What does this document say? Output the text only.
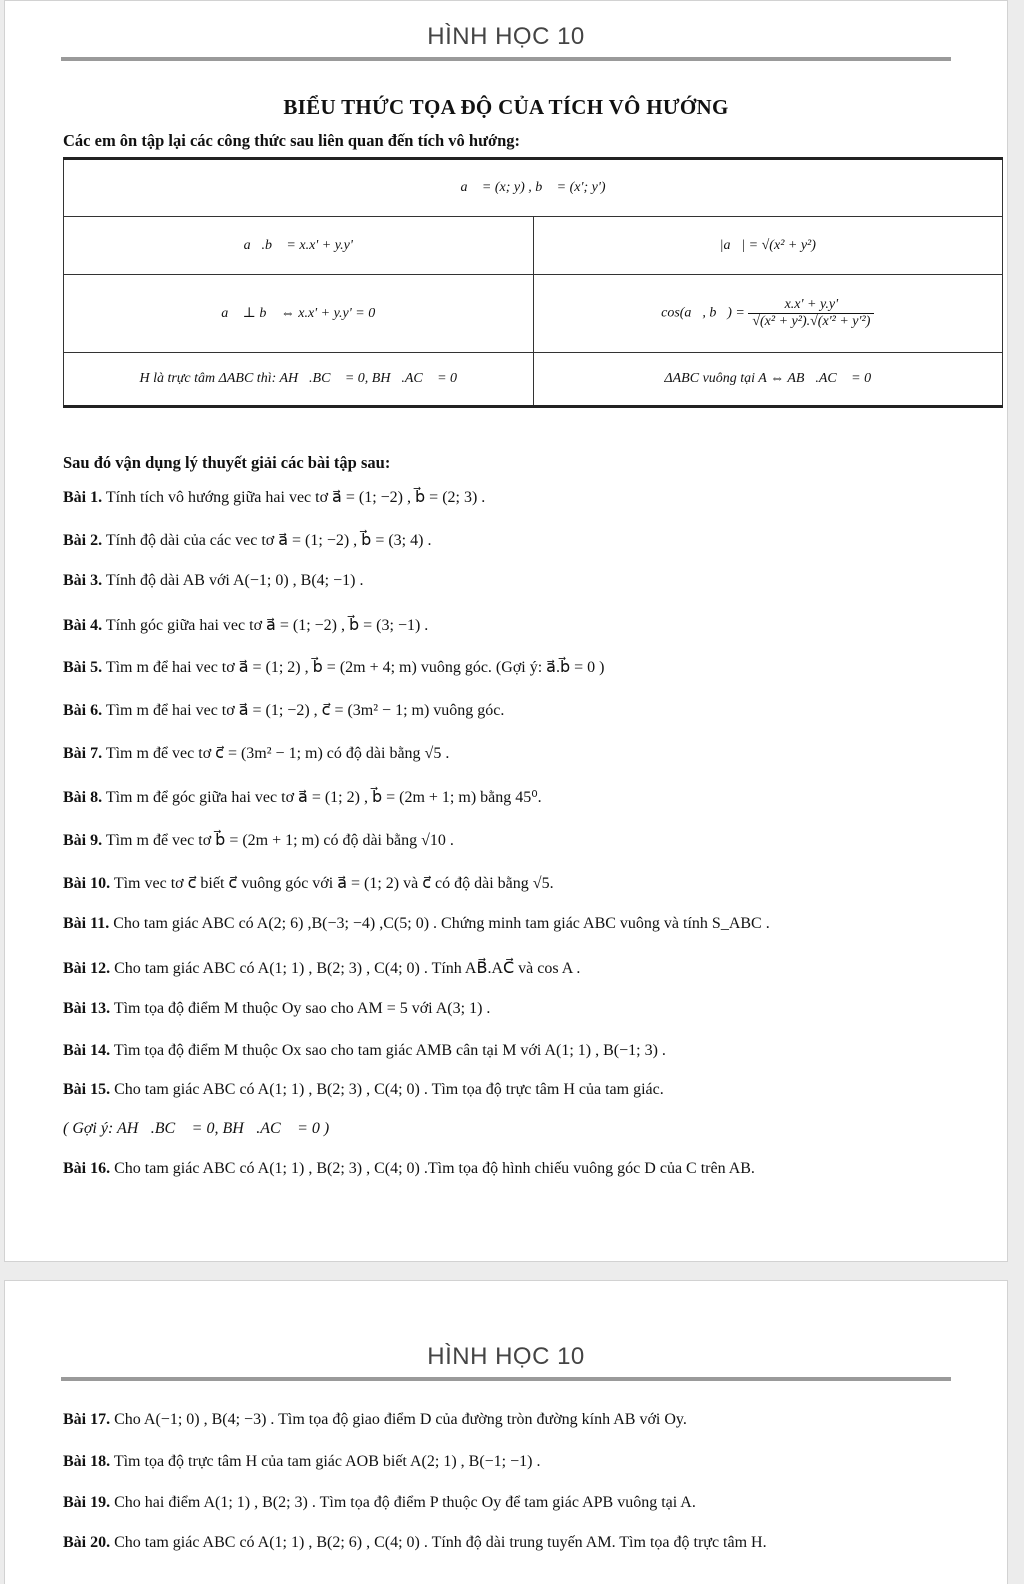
HÌNH HỌC 10
BIỂU THỨC TỌA ĐỘ CỦA TÍCH VÔ HƯỚNG
Các em ôn tập lại các công thức sau liên quan đến tích vô hướng:
a⃗ = (x; y) , b⃗ = (x'; y')	
a⃗.b⃗ = x.x' + y.y'	|a⃗| = √(x² + y²)
a⃗ ⊥ b⃗ ⇔ x.x' + y.y' = 0	cos(a⃗, b⃗) = $\frac{x.x' + y.y'}{\text{√(x² + y²).√(x'² + y'²)}}$

H là trực tâm ΔABC thì: AH⃗.BC⃗ = 0, BH⃗.AC⃗ = 0	ΔABC vuông tại A ⇔ AB⃗.AC⃗ = 0
Sau đó vận dụng lý thuyết giải các bài tập sau:
Bài 1. Tính tích vô hướng giữa hai vec tơ a⃗ = (1; −2) , b⃗ = (2; 3) .
Bài 2. Tính độ dài của các vec tơ a⃗ = (1; −2) , b⃗ = (3; 4) .
Bài 3. Tính độ dài AB với A(−1; 0) , B(4; −1) .
Bài 4. Tính góc giữa hai vec tơ a⃗ = (1; −2) , b⃗ = (3; −1) .
Bài 5. Tìm m để hai vec tơ a⃗ = (1; 2) , b⃗ = (2m + 4; m) vuông góc. (Gợi ý: a⃗.b⃗ = 0 )
Bài 6. Tìm m để hai vec tơ a⃗ = (1; −2) , c⃗ = (3m² − 1; m) vuông góc.
Bài 7. Tìm m để vec tơ c⃗ = (3m² − 1; m) có độ dài bằng √5 .
Bài 8. Tìm m để góc giữa hai vec tơ a⃗ = (1; 2) , b⃗ = (2m + 1; m) bằng 45⁰.
Bài 9. Tìm m để vec tơ b⃗ = (2m + 1; m) có độ dài bằng √10 .
Bài 10. Tìm vec tơ c⃗ biết c⃗ vuông góc với a⃗ = (1; 2) và c⃗ có độ dài bằng √5.
Bài 11. Cho tam giác ABC có A(2; 6) ,B(−3; −4) ,C(5; 0) . Chứng minh tam giác ABC vuông và tính S_ABC .
Bài 12. Cho tam giác ABC có A(1; 1) , B(2; 3) , C(4; 0) . Tính AB⃗.AC⃗ và cos A .
Bài 13. Tìm tọa độ điểm M thuộc Oy sao cho AM = 5 với A(3; 1) .
Bài 14. Tìm tọa độ điểm M thuộc Ox sao cho tam giác AMB cân tại M với A(1; 1) , B(−1; 3) .
Bài 15. Cho tam giác ABC có A(1; 1) , B(2; 3) , C(4; 0) . Tìm tọa độ trực tâm H của tam giác.
( Gợi ý: AH⃗.BC⃗ = 0, BH⃗.AC⃗ = 0 )
Bài 16. Cho tam giác ABC có A(1; 1) , B(2; 3) , C(4; 0) .Tìm tọa độ hình chiếu vuông góc D của C trên AB.
HÌNH HỌC 10
Bài 17. Cho A(−1; 0) , B(4; −3) . Tìm tọa độ giao điểm D của đường tròn đường kính AB với Oy.
Bài 18. Tìm tọa độ trực tâm H của tam giác AOB biết A(2; 1) , B(−1; −1) .
Bài 19. Cho hai điểm A(1; 1) , B(2; 3) . Tìm tọa độ điểm P thuộc Oy để tam giác APB vuông tại A.
Bài 20. Cho tam giác ABC có A(1; 1) , B(2; 6) , C(4; 0) . Tính độ dài trung tuyến AM. Tìm tọa độ trực tâm H.
